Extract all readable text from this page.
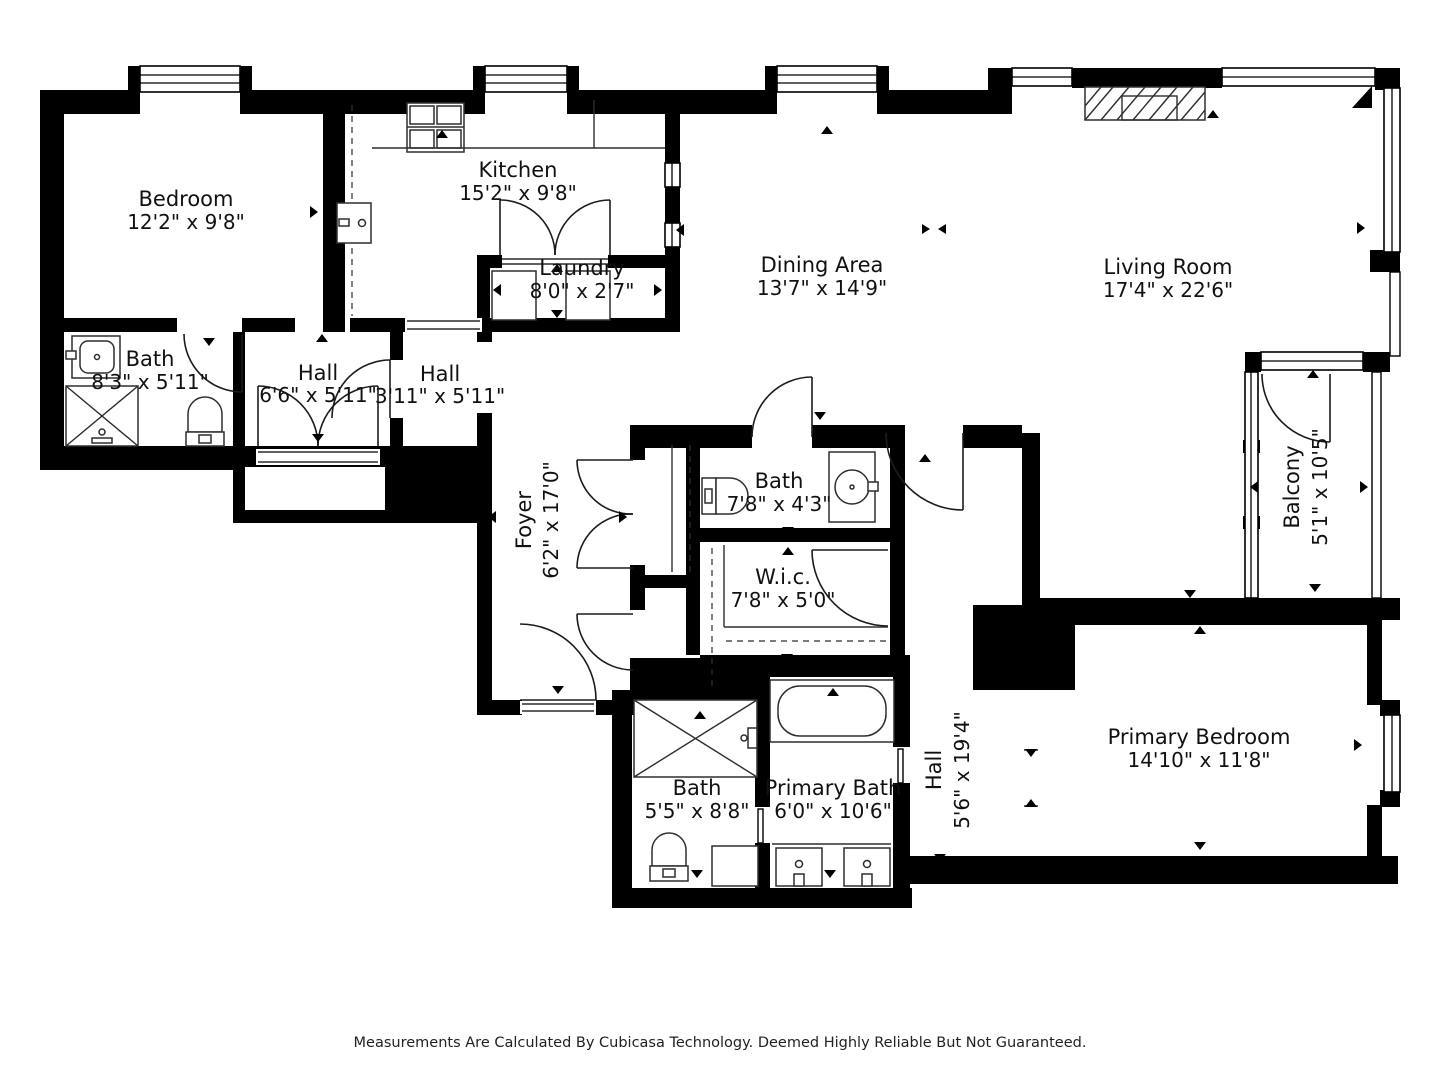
Bedroom
12'2" x 9'8"
Kitchen
15'2" x 9'8"
Laundry
8'0" x 2'7"
Dining Area
13'7" x 14'9"
Living Room
17'4" x 22'6"
Bath
8'3" x 5'11"	Hall
6'6" x 5'11"
Hall
3'11" x 5'11"
Foyer 6'2" x 17'0"	Bath
7'8" x 4'3"
W.i.c.
7'8" x 5'0"
Balcony 5'1" x 10'5"
Hall 5'6" x 19'4"
Bath
5'5" x 8'8"
Primary Bath
6'0" x 10'6"
Primary Bedroom
14'10" x 11'8"
Measurements Are Calculated By Cubicasa Technology. Deemed Highly Reliable But Not Guaranteed.
